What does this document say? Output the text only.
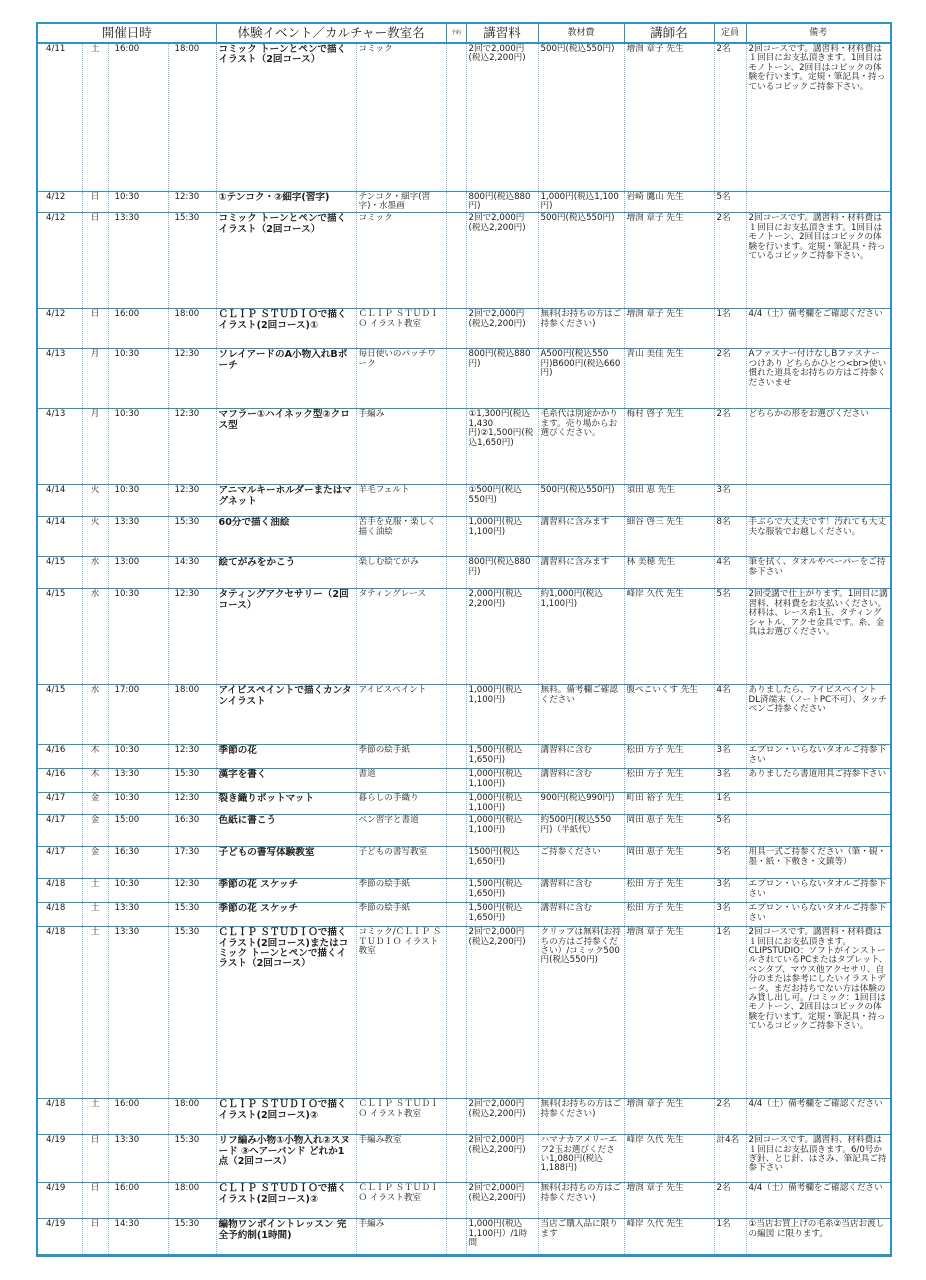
開催日時				体験イベント／カルチャー教室名		予約	講習料	教材費	講師名	定員	備考
4/11	土	16:00	18:00	コミック トーンとペンで描くイラスト（2回コース）	コミック		2回で2,000円(税込2,200円)	500円(税込550円)	増渕 章子 先生	2名	2回コースです。講習料・材料費は１回目にお支払頂きます。1回目はモノトーン、2回目はコピックの体験を行います。定規・筆記具・持っているコピックご持参下さい。
4/12	日	10:30	12:30	①テンコク・②細字(習字)	テンコク・細字(習字)・水墨画		800円(税込880円)	1,000円(税込1,100円)	岩崎 鷹山 先生	5名	
4/12	日	13:30	15:30	コミック トーンとペンで描くイラスト（2回コース）	コミック		2回で2,000円(税込2,200円)	500円(税込550円)	増渕 章子 先生	2名	2回コースです。講習料・材料費は１回目にお支払頂きます。1回目はモノトーン、2回目はコピックの体験を行います。定規・筆記具・持っているコピックご持参下さい。
4/12	日	16:00	18:00	ＣＬＩＰ ＳＴＵＤＩＯで描くイラスト(2回コース)①	ＣＬＩＰ ＳＴＵＤＩＯ イラスト教室		2回で2,000円(税込2,200円)	無料(お持ちの方はご持参ください)	増渕 章子 先生	1名	4/4（土）備考欄をご確認ください
4/13	月	10:30	12:30	ソレイアードのA小物入れBポーチ	毎日使いのパッチワーク		800円(税込880円)	A500円(税込550円)B600円(税込660円)	青山 美佳 先生	2名	Aファスナー付けなしBファスナーつけあり どちらかひとつ<br>使い慣れた道具をお持ちの方はご持参くださいませ
4/13	月	10:30	12:30	マフラー①ハイネック型②クロス型	手編み		①1,300円(税込1,430円)②1,500円(税込1,650円)	毛糸代は別途かかります。売り場からお選びください。	梅村 啓子 先生	2名	どちらかの形をお選びください
4/14	火	10:30	12:30	アニマルキーホルダーまたはマグネット	羊毛フェルト		①500円(税込550円)	500円(税込550円)	須田 恵 先生	3名	
4/14	火	13:30	15:30	60分で描く油絵	苦手を克服・楽しく描く油絵		1,000円(税込1,100円)	講習料に含みます	細谷 啓三 先生	8名	手ぶらで大丈夫です！汚れても大丈夫な服装でお越しください。
4/15	水	13:00	14:30	絵てがみをかこう	楽しむ絵てがみ		800円(税込880円)	講習料に含みます	林 美穂 先生	4名	筆を拭く、タオルやペーパーをご持参下さい
4/15	水	10:30	12:30	タティングアクセサリー（2回コース）	タティングレース		2,000円(税込2,200円)	約1,000円(税込1,100円)	峰岸 久代 先生	5名	2回受講で仕上がります。1回目に講習料、材料費をお支払いください。材料は、レース糸1玉、タティングシャトル、アクセ金具です。糸、金具はお選びください。
4/15	水	17:00	18:00	アイビスペイントで描くカンタンイラスト	アイビスペイント		1,000円(税込1,100円)	無料。備考欄ご確認ください	腹ぺこいくす 先生	4名	ありましたら、アイビスペイントDL済端末（ノートPC不可）、タッチペンご持参ください
4/16	木	10:30	12:30	季節の花	季節の絵手紙		1,500円(税込1,650円)	講習料に含む	松田 方子 先生	3名	エプロン・いらないタオルご持参下さい
4/16	木	13:30	15:30	漢字を書く	書道		1,000円(税込1,100円)	講習料に含む	松田 方子 先生	3名	ありましたら書道用具ご持参下さい
4/17	金	10:30	12:30	裂き織りポットマット	暮らしの手織り		1,000円(税込1,100円)	900円(税込990円)	町田 裕子 先生	1名	
4/17	金	15:00	16:30	色紙に書こう	ペン習字と書道		1,000円(税込1,100円)	約500円(税込550円)（半紙代）	岡田 恵子 先生	5名	
4/17	金	16:30	17:30	子どもの書写体験教室	子どもの書写教室		1500円(税込1,650円)	ご持参ください	岡田 恵子 先生	5名	用具一式ご持参ください（筆・硯・墨・紙・下敷き・文鎮等）
4/18	土	10:30	12:30	季節の花 スケッチ	季節の絵手紙		1,500円(税込1,650円)	講習料に含む	松田 方子 先生	3名	エプロン・いらないタオルご持参下さい
4/18	土	13:30	15:30	季節の花 スケッチ	季節の絵手紙		1,500円(税込1,650円)	講習料に含む	松田 方子 先生	3名	エプロン・いらないタオルご持参下さい
4/18	土	13:30	15:30	ＣＬＩＰ ＳＴＵＤＩＯで描くイラスト(2回コース)またはコミック トーンとペンで描くイラスト（2回コース）	コミック/ＣＬＩＰ ＳＴＵＤＩＯ イラスト教室		2回で2,000円(税込2,200円)	クリップは無料(お持ちの方はご持参ください）/コミック500円(税込550円)	増渕 章子 先生	1名	2回コースです。講習料・材料費は１回目にお支払頂きます。CLIPSTUDIO：ソフトがインストールされているPCまたはタブレット、ペンタブ、マウス他アクセサリ、自分のまたは参考にしたいイラストデータ。まだお持ちでない方は体験のみ貸し出し可。/コミック：1回目はモノトーン、2回目はコピックの体験を行います。定規・筆記具・持っているコピックご持参下さい。
4/18	土	16:00	18:00	ＣＬＩＰ ＳＴＵＤＩＯで描くイラスト(2回コース)②	ＣＬＩＰ ＳＴＵＤＩＯ イラスト教室		2回で2,000円(税込2,200円)	無料(お持ちの方はご持参ください)	増渕 章子 先生	2名	4/4（土）備考欄をご確認ください
4/19	日	13:30	15:30	リフ編み小物①小物入れ②スヌード ③ヘアーバンド どれか1点（2回コース）	手編み教室		2回で2,000円(税込2,200円)	ハマナカアメリーエフ2玉お選びください1,080円(税込1,188円)	峰岸 久代 先生	計4名	2回コースです。講習料、材料費は１回目にお支払頂きます。6/0号かぎ針、とじ針、はさみ、筆記具ご持参下さい
4/19	日	16:00	18:00	ＣＬＩＰ ＳＴＵＤＩＯで描くイラスト(2回コース)②	ＣＬＩＰ ＳＴＵＤＩＯ イラスト教室		2回で2,000円(税込2,200円)	無料(お持ちの方はご持参ください)	増渕 章子 先生	2名	4/4（土）備考欄をご確認ください
4/19	日	14:30	15:30	編物ワンポイントレッスン 完全予約制(1時間)	手編み		1,000円(税込1,100円）/1時間	当店ご購入品に限ります	峰岸 久代 先生	1名	①当店お買上げの毛糸②当店お渡しの編図 に限ります。
